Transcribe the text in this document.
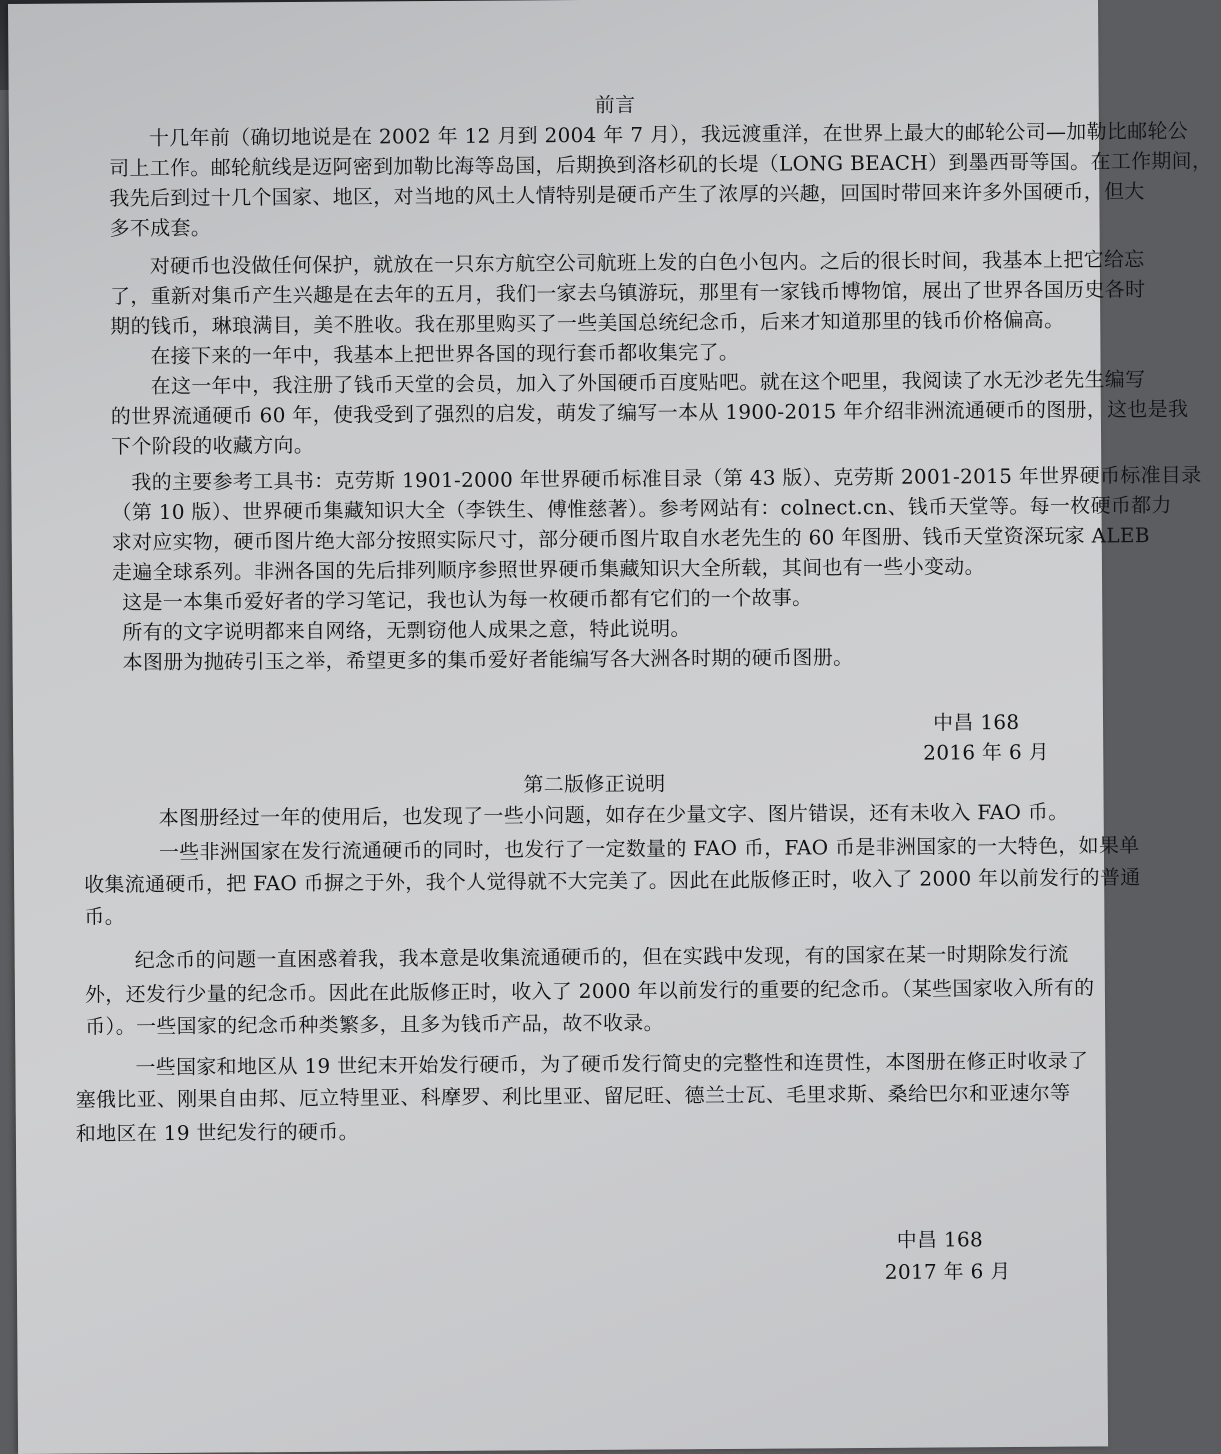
前言
十几年前（确切地说是在 2002 年 12 月到 2004 年 7 月），我远渡重洋，在世界上最大的邮轮公司—加勒比邮轮公
司上工作。邮轮航线是迈阿密到加勒比海等岛国，后期换到洛杉矶的长堤（LONG BEACH）到墨西哥等国。在工作期间，
我先后到过十几个国家、地区，对当地的风土人情特别是硬币产生了浓厚的兴趣，回国时带回来许多外国硬币，但大
多不成套。
对硬币也没做任何保护，就放在一只东方航空公司航班上发的白色小包内。之后的很长时间，我基本上把它给忘
了，重新对集币产生兴趣是在去年的五月，我们一家去乌镇游玩，那里有一家钱币博物馆，展出了世界各国历史各时
期的钱币，琳琅满目，美不胜收。我在那里购买了一些美国总统纪念币，后来才知道那里的钱币价格偏高。
在接下来的一年中，我基本上把世界各国的现行套币都收集完了。
在这一年中，我注册了钱币天堂的会员，加入了外国硬币百度贴吧。就在这个吧里，我阅读了水无沙老先生编写
的世界流通硬币 60 年，使我受到了强烈的启发，萌发了编写一本从 1900-2015 年介绍非洲流通硬币的图册，这也是我
下个阶段的收藏方向。
我的主要参考工具书：克劳斯 1901-2000 年世界硬币标准目录（第 43 版）、克劳斯 2001-2015 年世界硬币标准目录
（第 10 版）、世界硬币集藏知识大全（李铁生、傅惟慈著）。参考网站有：colnect.cn、钱币天堂等。每一枚硬币都力
求对应实物，硬币图片绝大部分按照实际尺寸，部分硬币图片取自水老先生的 60 年图册、钱币天堂资深玩家 ALEB
走遍全球系列。非洲各国的先后排列顺序参照世界硬币集藏知识大全所载，其间也有一些小变动。
这是一本集币爱好者的学习笔记，我也认为每一枚硬币都有它们的一个故事。
所有的文字说明都来自网络，无剽窃他人成果之意，特此说明。
本图册为抛砖引玉之举，希望更多的集币爱好者能编写各大洲各时期的硬币图册。
中昌 168
2016 年 6 月
第二版修正说明
本图册经过一年的使用后，也发现了一些小问题，如存在少量文字、图片错误，还有未收入 FAO 币。
一些非洲国家在发行流通硬币的同时，也发行了一定数量的 FAO 币，FAO 币是非洲国家的一大特色，如果单
收集流通硬币，把 FAO 币摒之于外，我个人觉得就不大完美了。因此在此版修正时，收入了 2000 年以前发行的普通
币。
纪念币的问题一直困惑着我，我本意是收集流通硬币的，但在实践中发现，有的国家在某一时期除发行流
外，还发行少量的纪念币。因此在此版修正时，收入了 2000 年以前发行的重要的纪念币。（某些国家收入所有的
币）。一些国家的纪念币种类繁多，且多为钱币产品，故不收录。
一些国家和地区从 19 世纪末开始发行硬币，为了硬币发行简史的完整性和连贯性，本图册在修正时收录了
塞俄比亚、刚果自由邦、厄立特里亚、科摩罗、利比里亚、留尼旺、德兰士瓦、毛里求斯、桑给巴尔和亚速尔等
和地区在 19 世纪发行的硬币。
中昌 168
2017 年 6 月
